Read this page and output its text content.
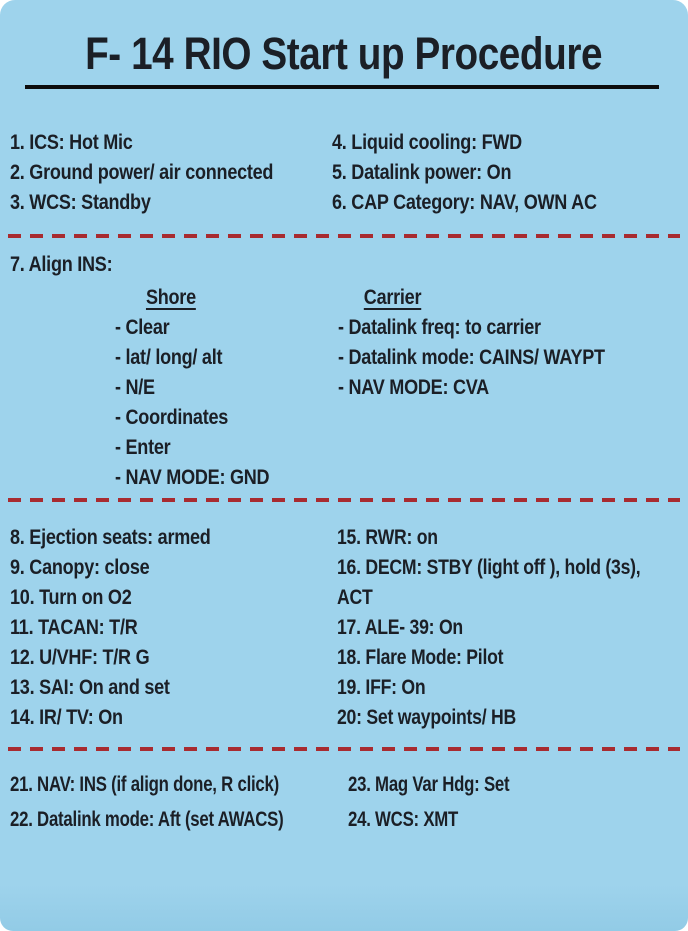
F- 14 RIO Start up Procedure
1. ICS: Hot Mic
2. Ground power/ air connected
3. WCS: Standby
4. Liquid cooling: FWD
5. Datalink power: On
6. CAP Category: NAV, OWN AC
7. Align INS:
Shore
- Clear
- lat/ long/ alt
- N/E
- Coordinates
- Enter
- NAV MODE: GND
Carrier
- Datalink freq: to carrier
- Datalink mode: CAINS/ WAYPT
- NAV MODE: CVA
8. Ejection seats: armed
9. Canopy: close
10. Turn on O2
11. TACAN: T/R
12. U/VHF: T/R G
13. SAI: On and set
14. IR/ TV: On
15. RWR: on
16. DECM: STBY (light off ), hold (3s),
ACT
17. ALE- 39: On
18. Flare Mode: Pilot
19. IFF: On
20: Set waypoints/ HB
21. NAV: INS (if align done, R click)
22. Datalink mode: Aft (set AWACS)
23. Mag Var Hdg: Set
24. WCS: XMT
